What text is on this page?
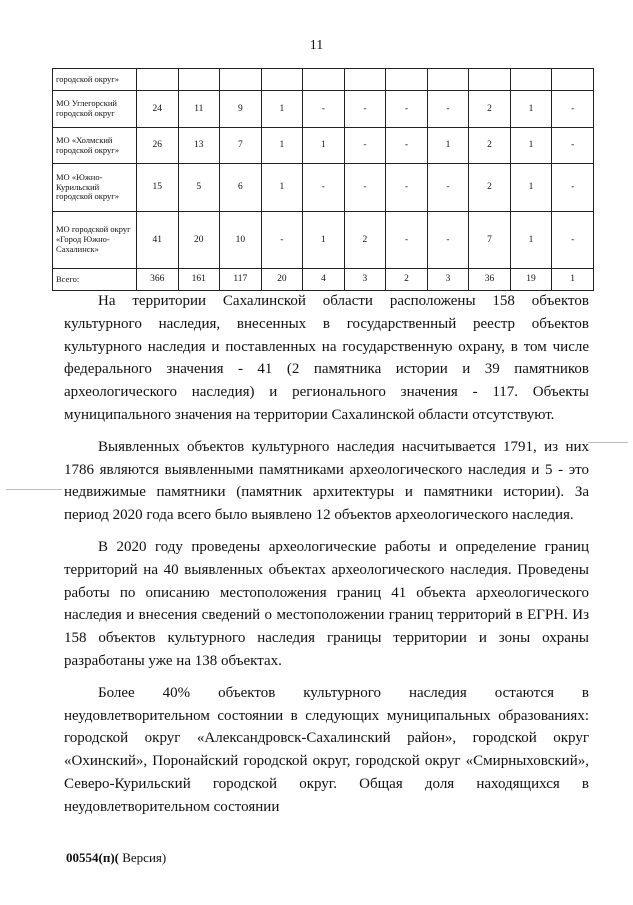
11
городской округ»											
МО Углегорский городской округ	24	11	9	1	-	-	-	-	2	1	-
МО «Холмский городской округ»	26	13	7	1	1	-	-	1	2	1	-
МО «Южно-Курильский городской округ»	15	5	6	1	-	-	-	-	2	1	-
МО городской округ «Город Южно-Сахалинск»	41	20	10	-	1	2	-	-	7	1	-
Всего:	366	161	117	20	4	3	2	3	36	19	1

На территории Сахалинской области расположены 158 объектов культурного наследия, внесенных в государственный реестр объектов культурного наследия и поставленных на государственную охрану, в том числе федерального значения - 41 (2 памятника истории и 39 памятников археологического наследия) и регионального значения - 117. Объекты муниципального значения на территории Сахалинской области отсутствуют.

Выявленных объектов культурного наследия насчитывается 1791, из них 1786 являются выявленными памятниками археологического наследия и 5 - это недвижимые памятники (памятник архитектуры и памятники истории). За период 2020 года всего было выявлено 12 объектов археологического наследия.

В 2020 году проведены археологические работы и определение границ территорий на 40 выявленных объектах археологического наследия. Проведены работы по описанию местоположения границ 41 объекта археологического наследия и внесения сведений о местоположении границ территорий в ЕГРН. Из 158 объектов культурного наследия границы территории и зоны охраны разработаны уже на 138 объектах.

Более 40% объектов культурного наследия остаются в неудовлетворительном состоянии в следующих муниципальных образованиях: городской округ «Александровск-Сахалинский район», городской округ «Охинский», Поронайский городской округ, городской округ «Смирныховский», Северо-Курильский городской округ. Общая доля находящихся в неудовлетворительном состоянии

00554(п)( Версия)
